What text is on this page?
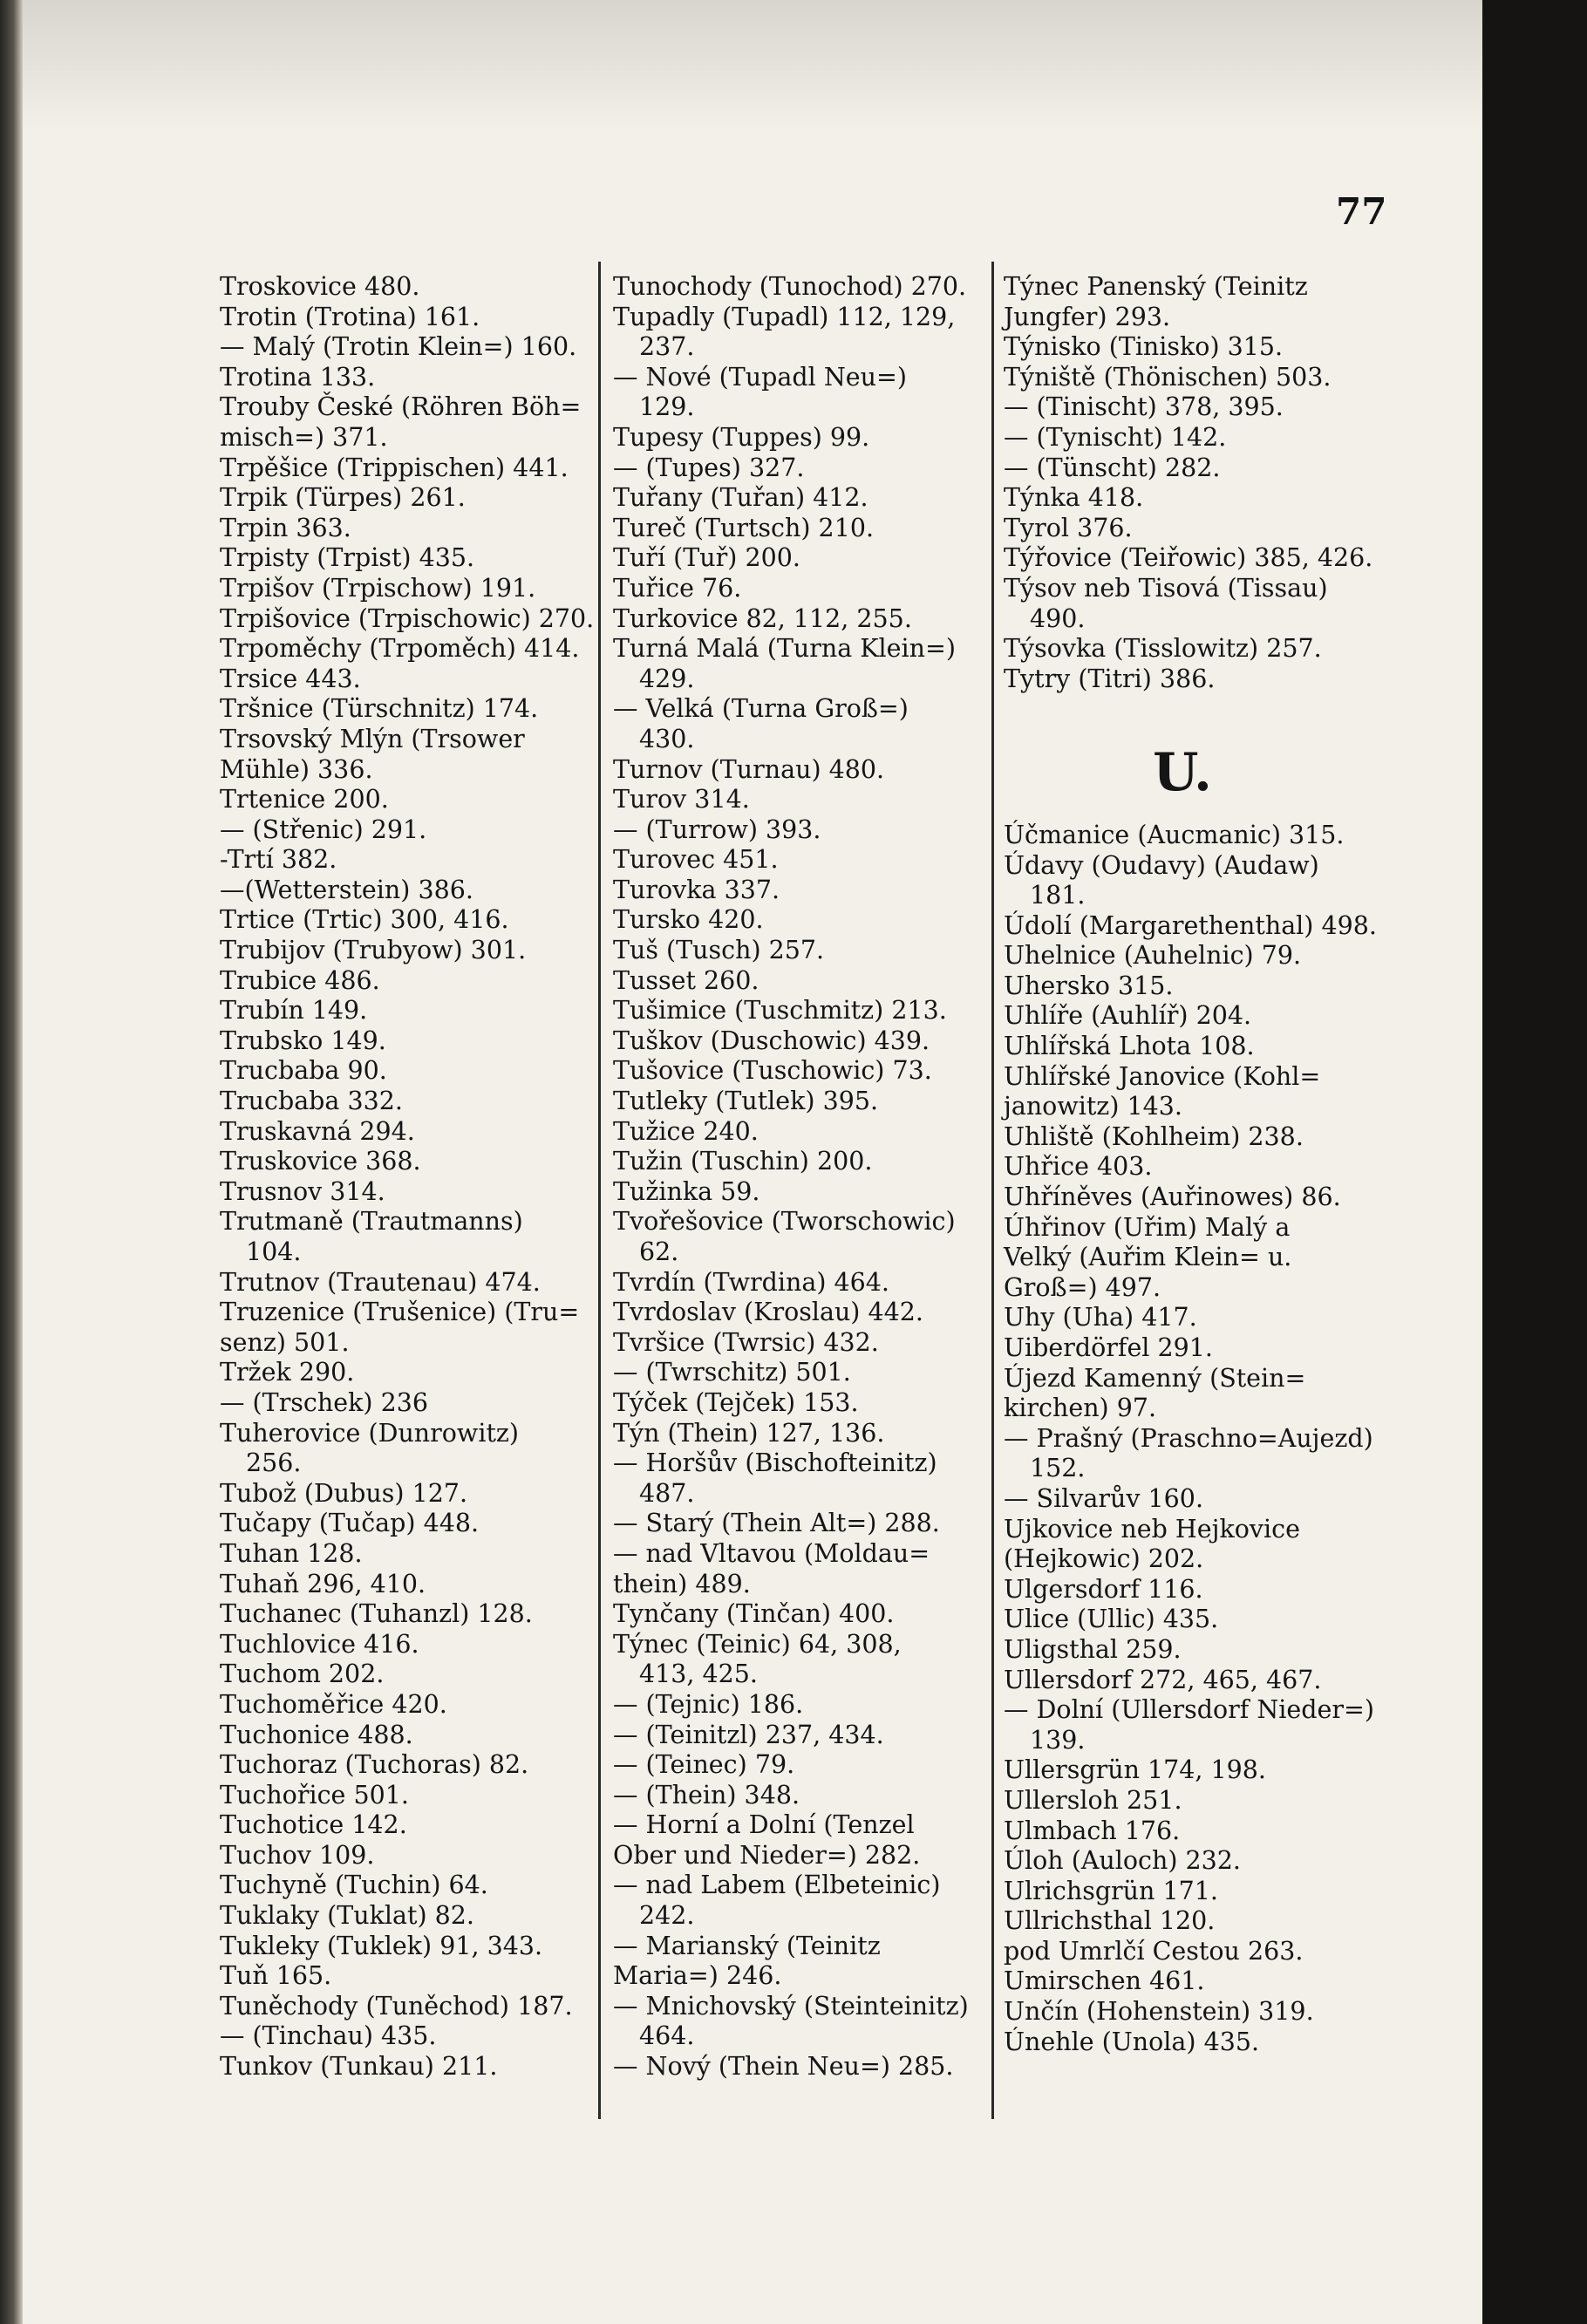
77
Troskovice 480.
Trotin (Trotina) 161.
— Malý (Trotin Klein=) 160.
Trotina 133.
Trouby České (Röhren Böh=
misch=) 371.
Trpěšice (Trippischen) 441.
Trpik (Türpes) 261.
Trpin 363.
Trpisty (Trpist) 435.
Trpišov (Trpischow) 191.
Trpišovice (Trpischowic) 270.
Trpoměchy (Trpoměch) 414.
Trsice 443.
Tršnice (Türschnitz) 174.
Trsovský Mlýn (Trsower
Mühle) 336.
Trtenice 200.
— (Střenic) 291.
-Trtí 382.
—(Wetterstein) 386.
Trtice (Trtic) 300, 416.
Trubijov (Trubyow) 301.
Trubice 486.
Trubín 149.
Trubsko 149.
Trucbaba 90.
Trucbaba 332.
Truskavná 294.
Truskovice 368.
Trusnov 314.
Trutmaně (Trautmanns)
104.
Trutnov (Trautenau) 474.
Truzenice (Trušenice) (Tru=
senz) 501.
Tržek 290.
— (Trschek) 236
Tuherovice (Dunrowitz)
256.
Tubož (Dubus) 127.
Tučapy (Tučap) 448.
Tuhan 128.
Tuhaň 296, 410.
Tuchanec (Tuhanzl) 128.
Tuchlovice 416.
Tuchom 202.
Tuchoměřice 420.
Tuchonice 488.
Tuchoraz (Tuchoras) 82.
Tuchořice 501.
Tuchotice 142.
Tuchov 109.
Tuchyně (Tuchin) 64.
Tuklaky (Tuklat) 82.
Tukleky (Tuklek) 91, 343.
Tuň 165.
Tuněchody (Tuněchod) 187.
— (Tinchau) 435.
Tunkov (Tunkau) 211.
Tunochody (Tunochod) 270.
Tupadly (Tupadl) 112, 129,
237.
— Nové (Tupadl Neu=)
129.
Tupesy (Tuppes) 99.
— (Tupes) 327.
Tuřany (Tuřan) 412.
Tureč (Turtsch) 210.
Tuří (Tuř) 200.
Tuřice 76.
Turkovice 82, 112, 255.
Turná Malá (Turna Klein=)
429.
— Velká (Turna Groß=)
430.
Turnov (Turnau) 480.
Turov 314.
— (Turrow) 393.
Turovec 451.
Turovka 337.
Tursko 420.
Tuš (Tusch) 257.
Tusset 260.
Tušimice (Tuschmitz) 213.
Tuškov (Duschowic) 439.
Tušovice (Tuschowic) 73.
Tutleky (Tutlek) 395.
Tužice 240.
Tužin (Tuschin) 200.
Tužinka 59.
Tvořešovice (Tworschowic)
62.
Tvrdín (Twrdina) 464.
Tvrdoslav (Kroslau) 442.
Tvršice (Twrsic) 432.
— (Twrschitz) 501.
Týček (Tejček) 153.
Týn (Thein) 127, 136.
— Horšův (Bischofteinitz)
487.
— Starý (Thein Alt=) 288.
— nad Vltavou (Moldau=
thein) 489.
Tynčany (Tinčan) 400.
Týnec (Teinic) 64, 308,
413, 425.
— (Tejnic) 186.
— (Teinitzl) 237, 434.
— (Teinec) 79.
— (Thein) 348.
— Horní a Dolní (Tenzel
Ober und Nieder=) 282.
— nad Labem (Elbeteinic)
242.
— Marianský (Teinitz
Maria=) 246.
— Mnichovský (Steinteinitz)
464.
— Nový (Thein Neu=) 285.
Týnec Panenský (Teinitz
Jungfer) 293.
Týnisko (Tinisko) 315.
Týniště (Thönischen) 503.
— (Tinischt) 378, 395.
— (Tynischt) 142.
— (Tünscht) 282.
Týnka 418.
Tyrol 376.
Týřovice (Teiřowic) 385, 426.
Týsov neb Tisová (Tissau)
490.
Týsovka (Tisslowitz) 257.
Tytry (Titri) 386.
U.
Účmanice (Aucmanic) 315.
Údavy (Oudavy) (Audaw)
181.
Údolí (Margarethenthal) 498.
Uhelnice (Auhelnic) 79.
Uhersko 315.
Uhlíře (Auhlíř) 204.
Uhlířská Lhota 108.
Uhlířské Janovice (Kohl=
janowitz) 143.
Uhliště (Kohlheim) 238.
Uhřice 403.
Uhříněves (Auřinowes) 86.
Úhřinov (Uřim) Malý a
Velký (Auřim Klein= u.
Groß=) 497.
Uhy (Uha) 417.
Uiberdörfel 291.
Újezd Kamenný (Stein=
kirchen) 97.
— Prašný (Praschno=Aujezd)
152.
— Silvarův 160.
Ujkovice neb Hejkovice
(Hejkowic) 202.
Ulgersdorf 116.
Ulice (Ullic) 435.
Uligsthal 259.
Ullersdorf 272, 465, 467.
— Dolní (Ullersdorf Nieder=)
139.
Ullersgrün 174, 198.
Ullersloh 251.
Ulmbach 176.
Úloh (Auloch) 232.
Ulrichsgrün 171.
Ullrichsthal 120.
pod Umrlčí Cestou 263.
Umirschen 461.
Unčín (Hohenstein) 319.
Únehle (Unola) 435.
